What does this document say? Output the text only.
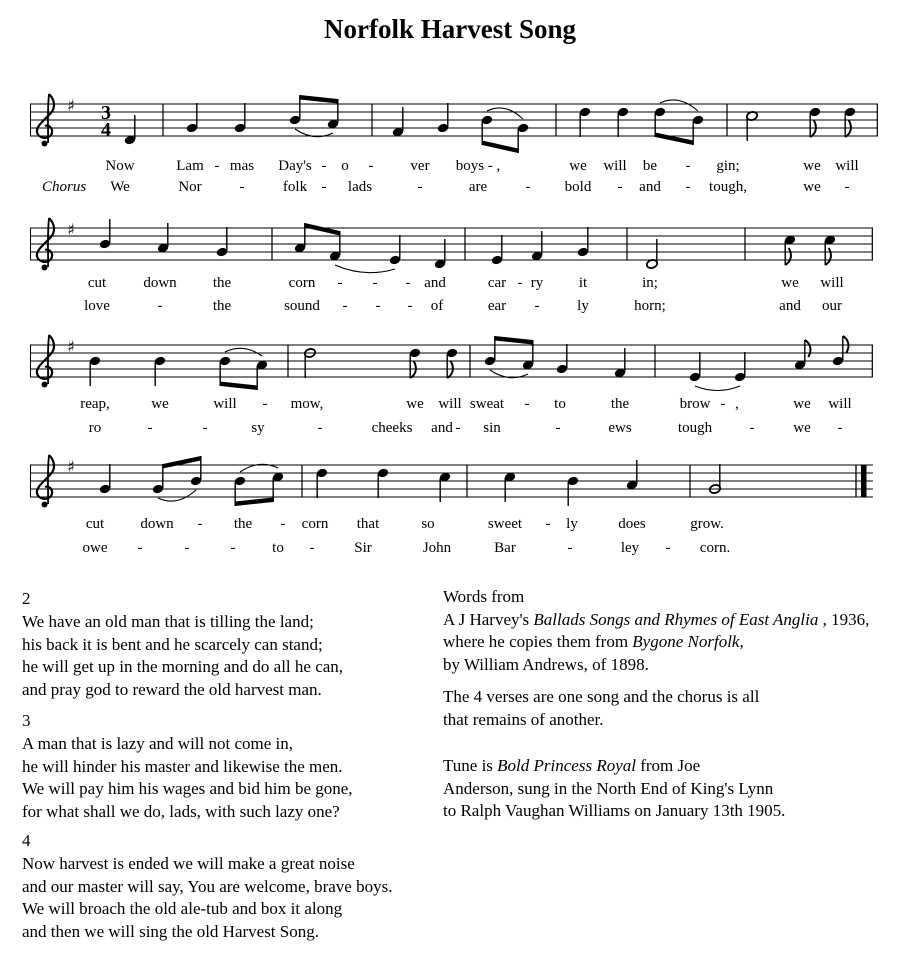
Norfolk Harvest Song
♯ 3
4
♯
♯
♯
Now	Lam - mas Day's - o - ver boys - ,	we will be - gin;	we will
We	Nor	-	folk - lads	-	are	- bold - and - tough,	we -
Chorus
cut down the	corn - - - and	car - ry it	in;	we will
love	-	the	sound - - - of	ear -	ly	horn;	and our
reap,	we	will - mow,	we will sweat - to	the	brow - ,	we will
ro	-	-	sy	-	cheeks and - sin	-	ews	tough -	we -
cut down - the - corn that	so	sweet - ly	does	grow.
owe -	-	- to -	Sir	John	Bar	-	ley - corn.
2
We have an old man that is tilling the land;
his back it is bent and he scarcely can stand;
he will get up in the morning and do all he can,
and pray god to reward the old harvest man.
3
A man that is lazy and will not come in,
he will hinder his master and likewise the men.
We will pay him his wages and bid him be gone,
for what shall we do, lads, with such lazy one?
4
Now harvest is ended we will make a great noise
and our master will say, You are welcome, brave boys.
We will broach the old ale-tub and box it along
and then we will sing the old Harvest Song.
Words from
A J Harvey's Ballads Songs and Rhymes of East Anglia , 1936,
where he copies them from Bygone Norfolk,
by William Andrews, of 1898.
The 4 verses are one song and the chorus is all
that remains of another.
Tune is Bold Princess Royal from Joe
Anderson, sung in the North End of King's Lynn
to Ralph Vaughan Williams on January 13th 1905.
